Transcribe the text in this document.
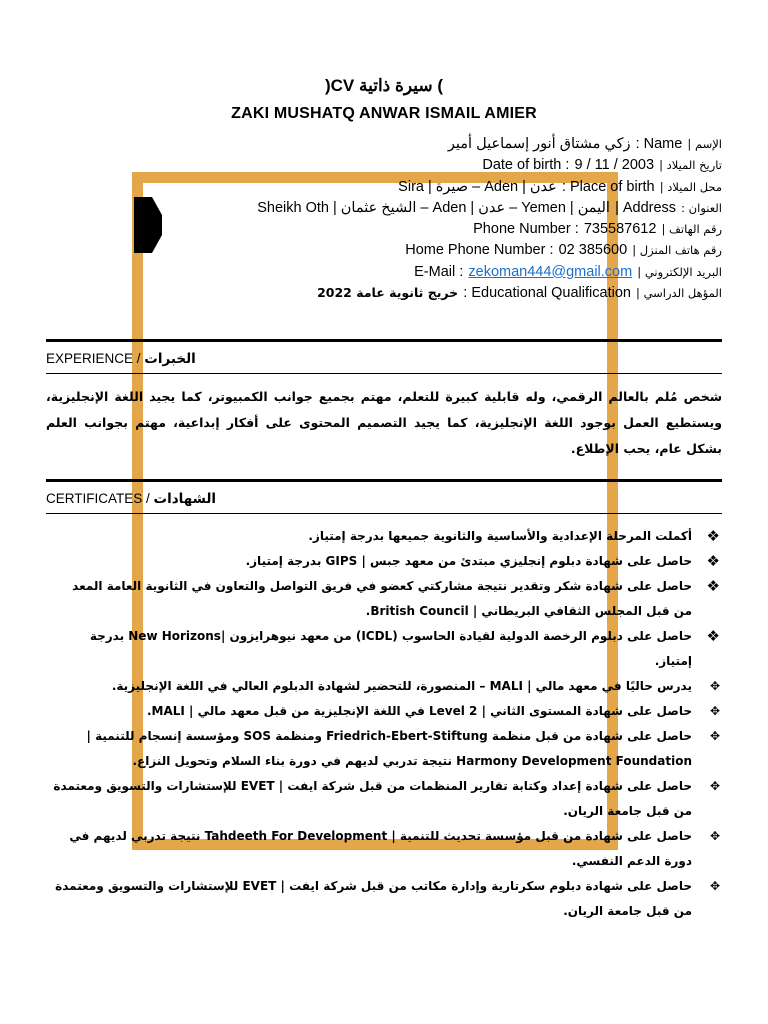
)CV سيرة ذاتية (
ZAKI MUSHATQ ANWAR ISMAIL AMIER
الإسم | Name : زكي مشتاق أنور إسماعيل أمير
تاريخ الميلاد | Date of birth : 9 / 11 / 2003
محل الميلاد | Place of birth : عدن | Aden – صيرة | Sira
العنوان : Address | اليمن | Yemen – عدن | Aden – الشيخ عثمان | Sheikh Oth
رقم الهاتف | Phone Number : 735587612
رقم هاتف المنزل | Home Phone Number : 02 385600
البريد الإلكتروني | E-Mail : zekoman444@gmail.com
المؤهل الدراسي | Educational Qualification : خريج ثانوية عامة 2022
EXPERIENCE / الخبرات
شخص مُلم بالعالم الرقمي، وله قابلية كبيرة للتعلم، مهتم بجميع جوانب الكمبيوتر، كما يجيد اللغة الإنجليزية، ويستطيع العمل بوجود اللغة الإنجليزية، كما يجيد التصميم المحتوى على أفكار إبداعية، مهتم بجوانب العلم بشكل عام، يحب الإطلاع.
CERTIFICATES / الشهادات
❖
أكملت المرحلة الإعدادية والأساسية والثانوية جميعها بدرجة إمتياز.
❖
حاصل على شهادة دبلوم إنجليزي مبتدئ من معهد جبس | GIPS بدرجة إمتياز.
❖
حاصل على شهادة شكر وتقدير نتيجة مشاركتي كعضو في فريق التواصل والتعاون في الثانوية العامة المعد من قبل المجلس الثقافي البريطاني | British Council.
❖
حاصل على دبلوم الرخصة الدولية لقيادة الحاسوب (ICDL) من معهد نيوهرايزون |New Horizons بدرجة إمتياز.
✥
يدرس حاليًا في معهد مالي | MALI – المنصورة، للتحضير لشهادة الدبلوم العالي في اللغة الإنجليزية.
✥
حاصل على شهادة المستوى الثاني | Level 2 في اللغة الإنجليزية من قبل معهد مالي | MALI.
✥
حاصل على شهادة من قبل منظمة Friedrich-Ebert-Stiftung ومنظمة SOS ومؤسسة إنسجام للتنمية | Harmony Development Foundation نتيجة تدربي لديهم في دورة بناء السلام وتحويل النزاع.
✥
حاصل على شهادة إعداد وكتابة تقارير المنظمات من قبل شركة ايفت | EVET للإستشارات والتسويق ومعتمدة من قبل جامعة الريان.
✥
حاصل على شهادة من قبل مؤسسة تحديث للتنمية | Tahdeeth For Development نتيجة تدربي لديهم في دورة الدعم النفسي.
✥
حاصل على شهادة دبلوم سكرتارية وإدارة مكاتب من قبل شركة ايفت | EVET للإستشارات والتسويق ومعتمدة من قبل جامعة الريان.
